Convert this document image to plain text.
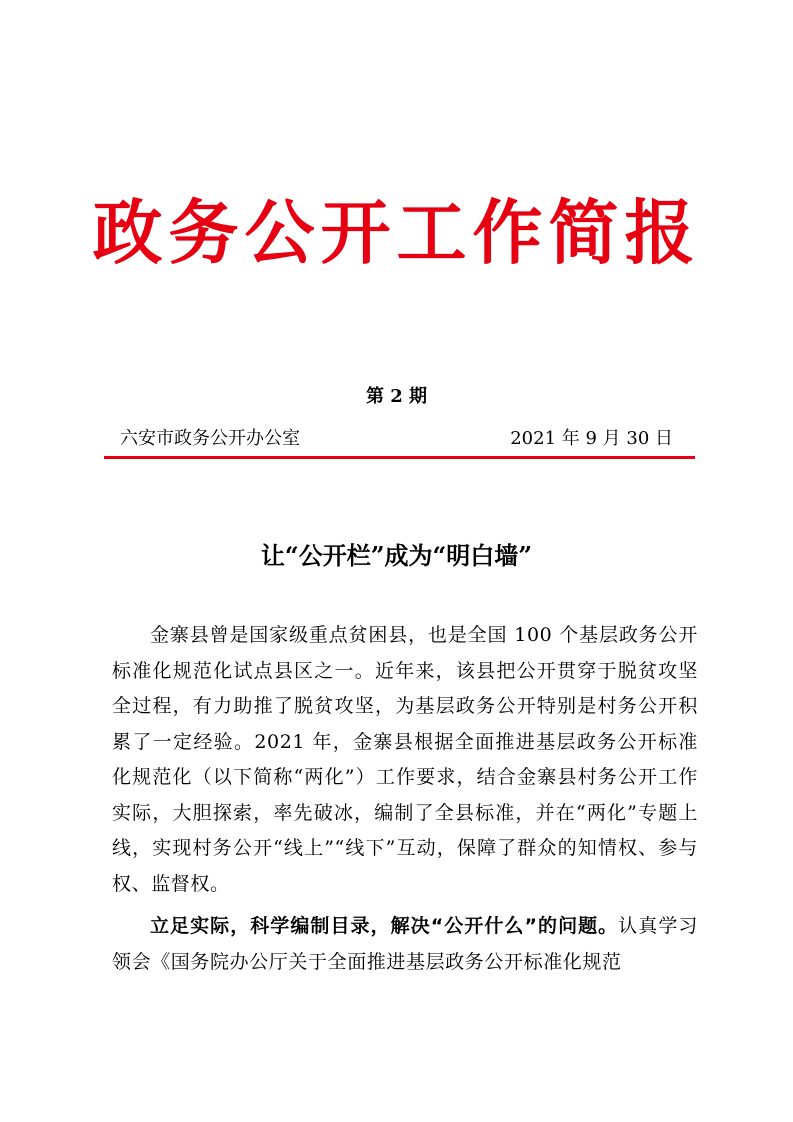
政务公开工作简报
第 2 期
六安市政务公开办公室	2021 年 9 月 30 日
让“公开栏”成为“明白墙”

金寨县曾是国家级重点贫困县，也是全国 100 个基层政务公开标准化规范化试点县区之一。近年来，该县把公开贯穿于脱贫攻坚全过程，有力助推了脱贫攻坚，为基层政务公开特别是村务公开积累了一定经验。2021 年，金寨县根据全面推进基层政务公开标准化规范化（以下简称“两化”）工作要求，结合金寨县村务公开工作实际，大胆探索，率先破冰，编制了全县标准，并在“两化”专题上线，实现村务公开“线上”“线下”互动，保障了群众的知情权、参与权、监督权。

立足实际，科学编制目录，解决“公开什么”的问题。认真学习领会《国务院办公厅关于全面推进基层政务公开标准化规范
